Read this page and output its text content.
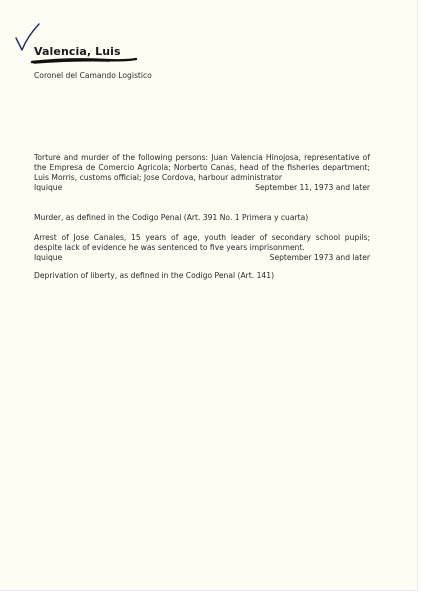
Valencia, Luis
Coronel del Camando Logistico
Torture and murder of the following persons: Juan Valencia Hinojosa, representative of the Empresa de Comercio Agricola; Norberto Canas, head of the fisheries department; Luis Morris, customs official; Jose Cordova, harbour administrator
Iquique	September 11, 1973 and later
Murder, as defined in the Codigo Penal (Art. 391 No. 1 Primera y cuarta)
Arrest of Jose Canales, 15 years of age, youth leader of secondary school pupils; despite lack of evidence he was sentenced to five years imprisonment.
Iquique	September 1973 and later
Deprivation of liberty, as defined in the Codigo Penal (Art. 141)
